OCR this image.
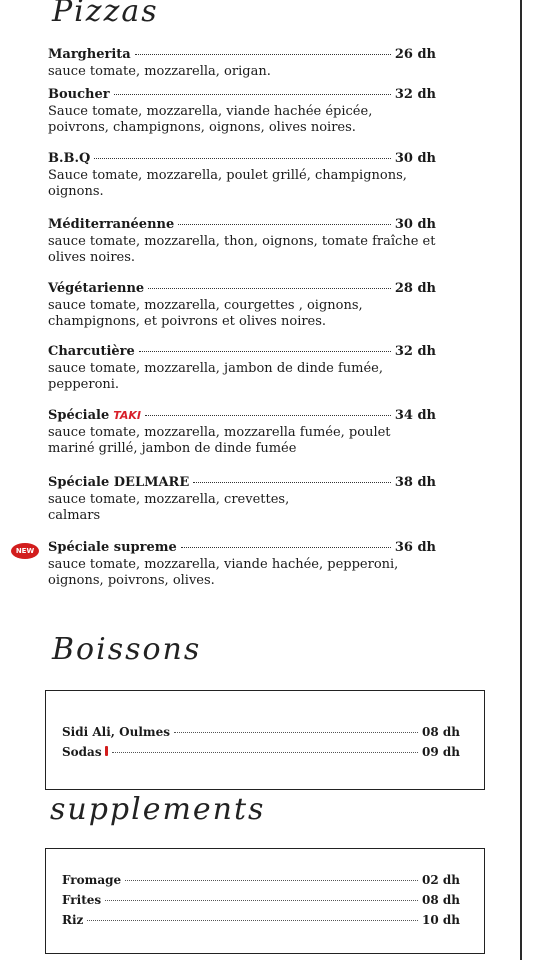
Pizzas
Margherita	26 dh
sauce tomate, mozzarella, origan.
Boucher	32 dh
Sauce tomate, mozzarella, viande hachée épicée, poivrons, champignons, oignons, olives noires.
B.B.Q	30 dh
Sauce tomate, mozzarella, poulet grillé, champignons, oignons.
Méditerranéenne	30 dh
sauce tomate, mozzarella, thon, oignons, tomate fraîche et olives noires.
Végétarienne	28 dh
sauce tomate, mozzarella, courgettes , oignons, champignons, et poivrons et olives noires.
Charcutière	32 dh
sauce tomate, mozzarella, jambon de dinde fumée, pepperoni.
Spéciale TAKI	34 dh
sauce tomate, mozzarella, mozzarella fumée, poulet mariné grillé, jambon de dinde fumée
Spéciale DELMARE	38 dh
sauce tomate, mozzarella, crevettes, calmars
Spéciale supreme	36 dh
sauce tomate, mozzarella, viande hachée, pepperoni, oignons, poivrons, olives.
NEW
Boissons
Sidi Ali, Oulmes	08 dh
Sodas	09 dh
supplements
Fromage	02 dh
Frites	08 dh
Riz	10 dh
